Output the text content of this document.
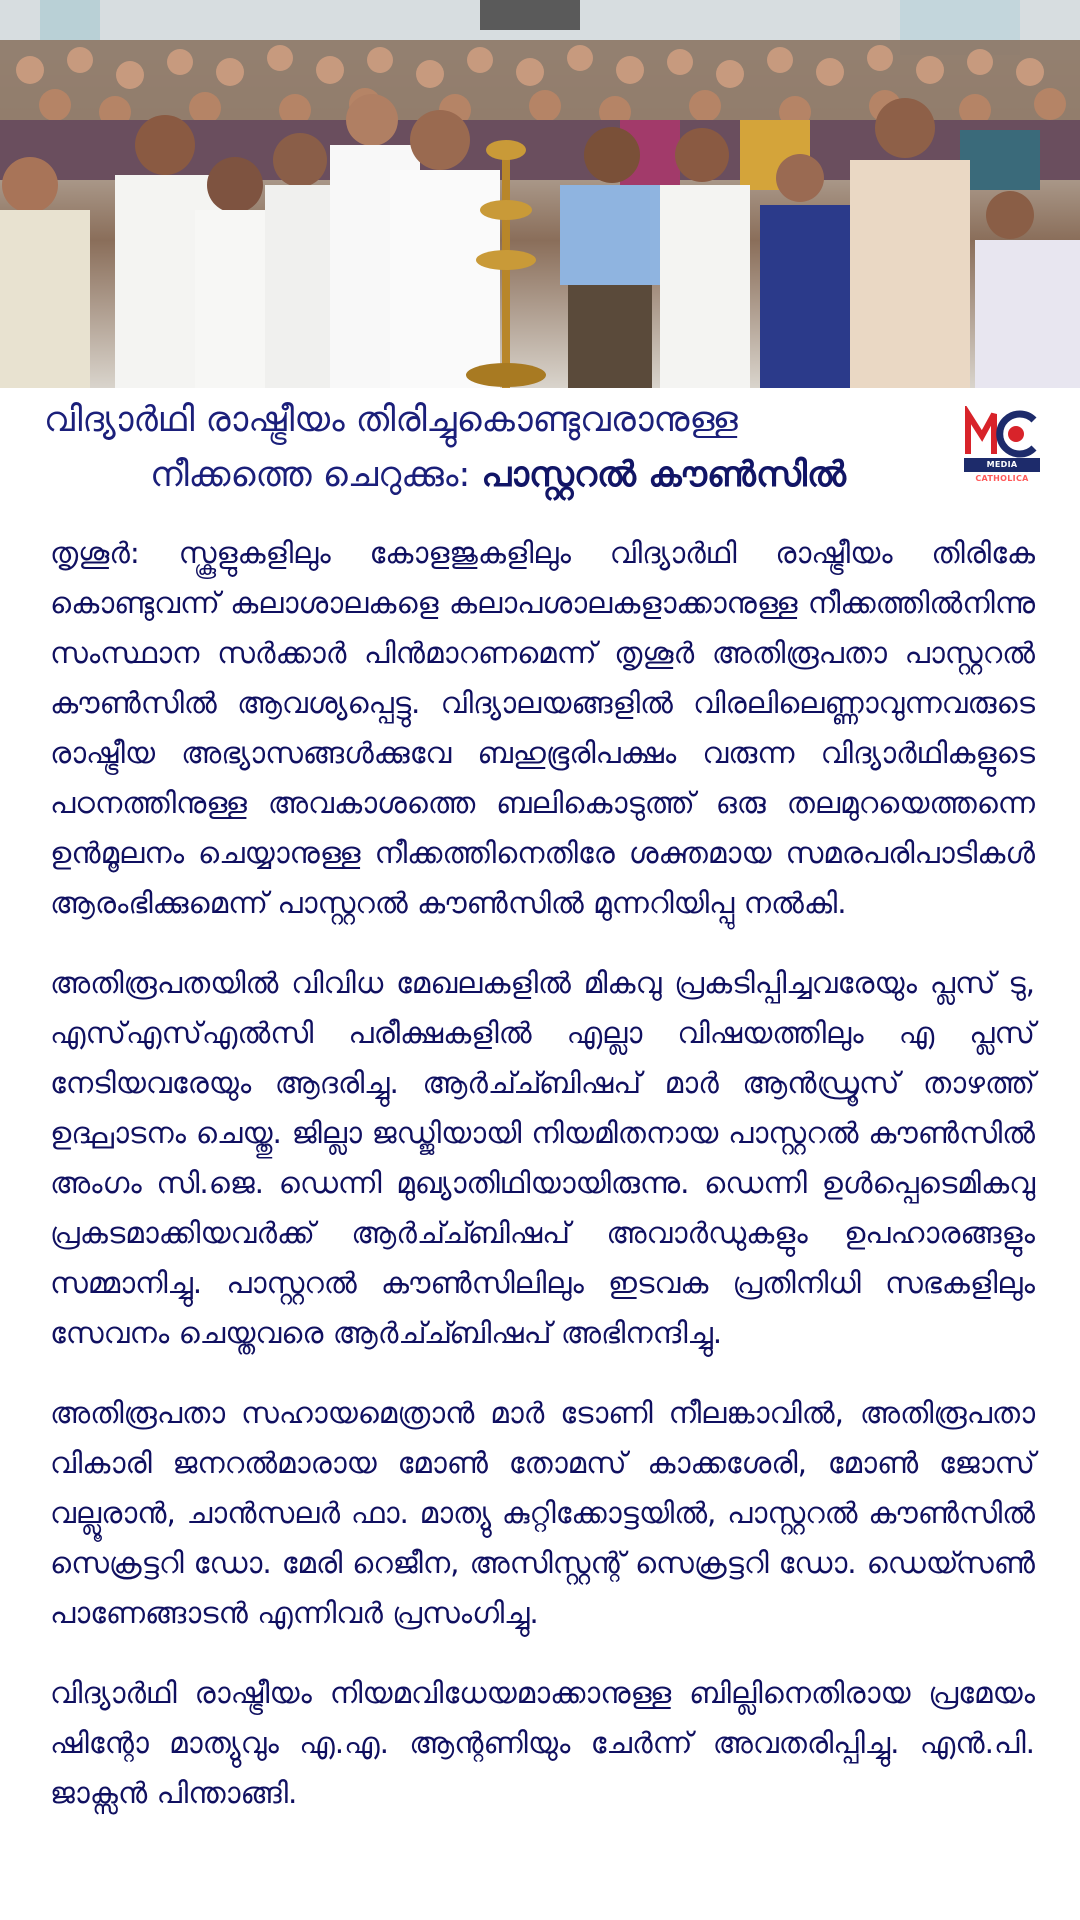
വിദ്യാർഥി രാഷ്ട്രീയം തിരിച്ചുകൊണ്ടുവരാനുള്ള
നീക്കത്തെ ചെറുക്കും: പാസ്റ്ററൽ കൗൺസിൽ	MEDIA CATHOLICA

തൃശൂർ: സ്കൂളുകളിലും കോളജുകളിലും വിദ്യാർഥി രാഷ്ട്രീയം തിരികേ കൊണ്ടുവന്ന് കലാശാലകളെ കലാപശാലകളാക്കാനുള്ള നീക്കത്തിൽനിന്നു സംസ്ഥാന സർക്കാർ പിൻമാറണമെന്ന് തൃശൂർ അതിരൂപതാ പാസ്റ്ററൽ കൗൺസിൽ ആവശ്യപ്പെട്ടു. വിദ്യാലയങ്ങളിൽ വിരലിലെണ്ണാവുന്നവരുടെ രാഷ്ട്രീയ അഭ്യാസങ്ങൾക്കുവേ ബഹുഭൂരിപക്ഷം വരുന്ന വിദ്യാർഥികളുടെ പഠനത്തിനുള്ള അവകാശത്തെ ബലികൊടുത്ത് ഒരു തലമുറയെത്തന്നെ ഉൻമൂലനം ചെയ്യാനുള്ള നീക്കത്തിനെതിരേ ശക്തമായ സമരപരിപാടികൾ ആരംഭിക്കുമെന്ന് പാസ്റ്ററൽ കൗൺസിൽ മുന്നറിയിപ്പു നൽകി.

അതിരൂപതയിൽ വിവിധ മേഖലകളിൽ മികവു പ്രകടിപ്പിച്ചവരേയും പ്ലസ് ടു, എസ്എസ്എൽസി പരീക്ഷകളിൽ എല്ലാ വിഷയത്തിലും എ പ്ലസ് നേടിയവരേയും ആദരിച്ചു. ആർച്ച്ബിഷപ് മാർ ആൻഡ്രൂസ് താഴത്ത് ഉദ്ഘാടനം ചെയ്തു. ജില്ലാ ജഡ്ജിയായി നിയമിതനായ പാസ്റ്ററൽ കൗൺസിൽ അംഗം സി.ജെ. ഡെന്നി മുഖ്യാതിഥിയായിരുന്നു. ഡെന്നി ഉൾപ്പെടെമികവു പ്രകടമാക്കിയവർക്ക് ആർച്ച്ബിഷപ് അവാർഡുകളും ഉപഹാരങ്ങളും സമ്മാനിച്ചു. പാസ്റ്ററൽ കൗൺസിലിലും ഇടവക പ്രതിനിധി സഭകളിലും സേവനം ചെയ്തവരെ ആർച്ച്ബിഷപ് അഭിനന്ദിച്ചു.

അതിരൂപതാ സഹായമെത്രാൻ മാർ ടോണി നീലങ്കാവിൽ, അതിരൂപതാ വികാരി ജനറൽമാരായ മോൺ തോമസ് കാക്കശേരി, മോൺ ജോസ് വല്ലൂരാൻ, ചാൻസലർ ഫാ. മാത്യു കുറ്റിക്കോട്ടയിൽ, പാസ്റ്ററൽ കൗൺസിൽ സെക്രട്ടറി ഡോ. മേരി റെജീന, അസിസ്റ്റന്റ് സെക്രട്ടറി ഡോ. ഡെയ്സൺ പാണേങ്ങാടൻ എന്നിവർ പ്രസംഗിച്ചു.

വിദ്യാർഥി രാഷ്ട്രീയം നിയമവിധേയമാക്കാനുള്ള ബില്ലിനെതിരായ പ്രമേയം ഷിന്റോ മാത്യുവും എ.എ. ആന്റണിയും ചേർന്ന് അവതരിപ്പിച്ചു. എൻ.പി. ജാക്സൻ പിന്താങ്ങി.
